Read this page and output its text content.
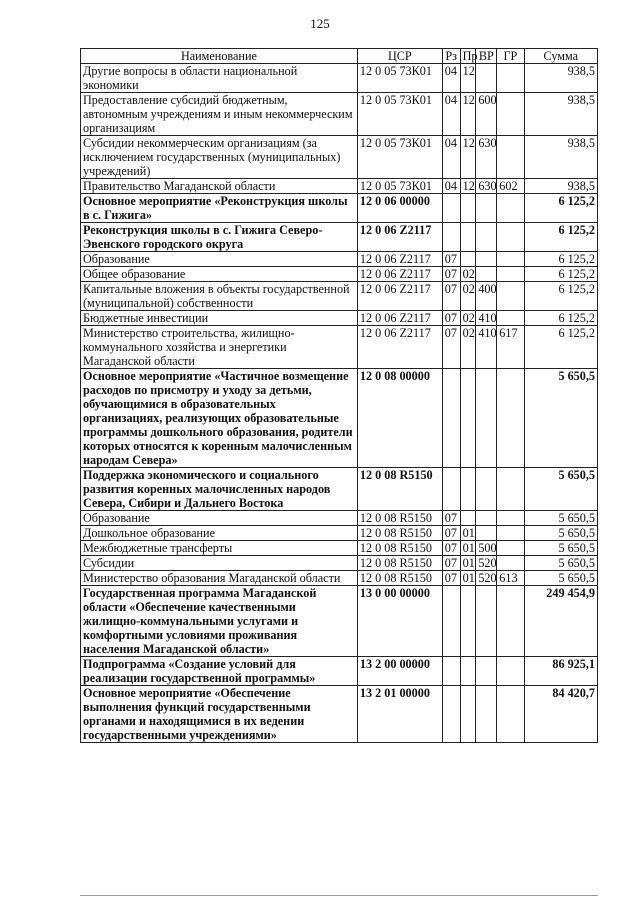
125
Наименование	ЦСР	Рз	Пр	ВР	ГР	Сумма
Другие вопросы в области национальной экономики	12 0 05 73К01	04	12			938,5
Предоставление субсидий бюджетным, автономным учреждениям и иным некоммерческим организациям	12 0 05 73К01	04	12	600		938,5
Субсидии некоммерческим организациям (за исключением государственных (муниципальных) учреждений)	12 0 05 73К01	04	12	630		938,5
Правительство Магаданской области	12 0 05 73К01	04	12	630	602	938,5
Основное мероприятие «Реконструкция школы в с. Гижига»	12 0 06 00000					6 125,2
Реконструкция школы в с. Гижига Северо-Эвенского городского округа	12 0 06 Z2117					6 125,2
Образование	12 0 06 Z2117	07				6 125,2
Общее образование	12 0 06 Z2117	07	02			6 125,2
Капитальные вложения в объекты государственной (муниципальной) собственности	12 0 06 Z2117	07	02	400		6 125,2
Бюджетные инвестиции	12 0 06 Z2117	07	02	410		6 125,2
Министерство строительства, жилищно-коммунального хозяйства и энергетики Магаданской области	12 0 06 Z2117	07	02	410	617	6 125,2
Основное мероприятие «Частичное возмещение расходов по присмотру и уходу за детьми, обучающимися в образовательных организациях, реализующих образовательные программы дошкольного образования, родители которых относятся к коренным малочисленным народам Севера»	12 0 08 00000					5 650,5
Поддержка экономического и социального развития коренных малочисленных народов Севера, Сибири и Дальнего Востока	12 0 08 R5150					5 650,5
Образование	12 0 08 R5150	07				5 650,5
Дошкольное образование	12 0 08 R5150	07	01			5 650,5
Межбюджетные трансферты	12 0 08 R5150	07	01	500		5 650,5
Субсидии	12 0 08 R5150	07	01	520		5 650,5
Министерство образования Магаданской области	12 0 08 R5150	07	01	520	613	5 650,5
Государственная программа Магаданской области «Обеспечение качественными жилищно-коммунальными услугами и комфортными условиями проживания населения Магаданской области»	13 0 00 00000					249 454,9
Подпрограмма «Создание условий для реализации государственной программы»	13 2 00 00000					86 925,1
Основное мероприятие «Обеспечение выполнения функций государственными органами и находящимися в их ведении государственными учреждениями»	13 2 01 00000					84 420,7
